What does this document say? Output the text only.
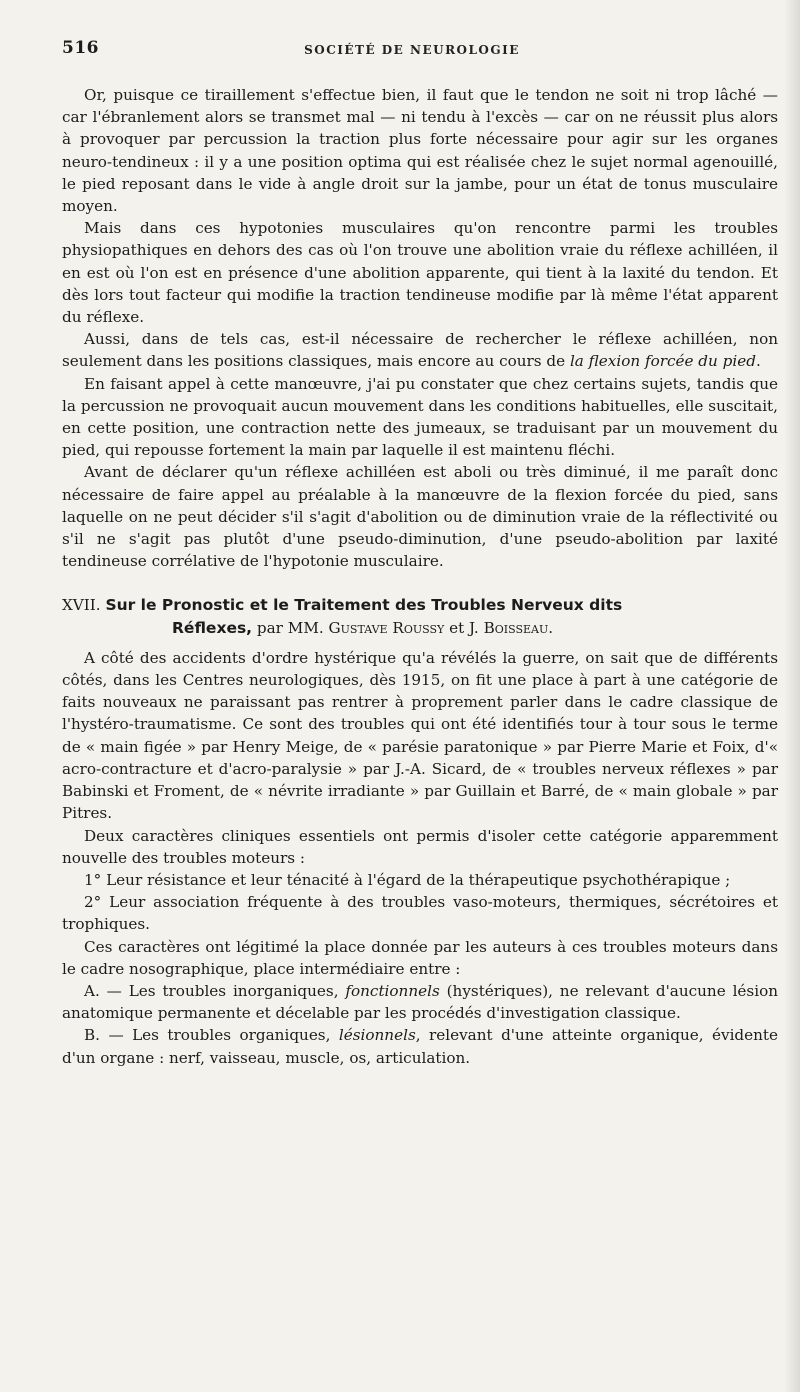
516	SOCIÉTÉ DE NEUROLOGIE

Or, puisque ce tiraillement s'effectue bien, il faut que le tendon ne soit ni trop lâché — car l'ébranlement alors se transmet mal — ni tendu à l'excès — car on ne réussit plus alors à provoquer par percussion la traction plus forte nécessaire pour agir sur les organes neuro-tendineux : il y a une position optima qui est réalisée chez le sujet normal agenouillé, le pied reposant dans le vide à angle droit sur la jambe, pour un état de tonus musculaire moyen.

Mais dans ces hypotonies musculaires qu'on rencontre parmi les troubles physiopathiques en dehors des cas où l'on trouve une abolition vraie du réflexe achilléen, il en est où l'on est en présence d'une abolition apparente, qui tient à la laxité du tendon. Et dès lors tout facteur qui modifie la traction tendineuse modifie par là même l'état apparent du réflexe.

Aussi, dans de tels cas, est-il nécessaire de rechercher le réflexe achilléen, non seulement dans les positions classiques, mais encore au cours de la flexion forcée du pied.

En faisant appel à cette manœuvre, j'ai pu constater que chez certains sujets, tandis que la percussion ne provoquait aucun mouvement dans les conditions habituelles, elle suscitait, en cette position, une contraction nette des jumeaux, se traduisant par un mouvement du pied, qui repousse fortement la main par laquelle il est maintenu fléchi.

Avant de déclarer qu'un réflexe achilléen est aboli ou très diminué, il me paraît donc nécessaire de faire appel au préalable à la manœuvre de la flexion forcée du pied, sans laquelle on ne peut décider s'il s'agit d'abolition ou de diminution vraie de la réflectivité ou s'il ne s'agit pas plutôt d'une pseudo-diminution, d'une pseudo-abolition par laxité tendineuse corrélative de l'hypotonie musculaire.

XVII. Sur le Pronostic et le Traitement des Troubles Nerveux dits
Réflexes, par MM. Gustave Roussy et J. Boisseau.

A côté des accidents d'ordre hystérique qu'a révélés la guerre, on sait que de différents côtés, dans les Centres neurologiques, dès 1915, on fit une place à part à une catégorie de faits nouveaux ne paraissant pas rentrer à proprement parler dans le cadre classique de l'hystéro-traumatisme. Ce sont des troubles qui ont été identifiés tour à tour sous le terme de « main figée » par Henry Meige, de « parésie paratonique » par Pierre Marie et Foix, d'« acro-contracture et d'acro-paralysie » par J.-A. Sicard, de « troubles nerveux réflexes » par Babinski et Froment, de « névrite irradiante » par Guillain et Barré, de « main globale » par Pitres.

Deux caractères cliniques essentiels ont permis d'isoler cette catégorie apparemment nouvelle des troubles moteurs :

1° Leur résistance et leur ténacité à l'égard de la thérapeutique psychothérapique ;

2° Leur association fréquente à des troubles vaso-moteurs, thermiques, sécrétoires et trophiques.

Ces caractères ont légitimé la place donnée par les auteurs à ces troubles moteurs dans le cadre nosographique, place intermédiaire entre :

A. — Les troubles inorganiques, fonctionnels (hystériques), ne relevant d'aucune lésion anatomique permanente et décelable par les procédés d'investigation classique.

B. — Les troubles organiques, lésionnels, relevant d'une atteinte organique, évidente d'un organe : nerf, vaisseau, muscle, os, articulation.
